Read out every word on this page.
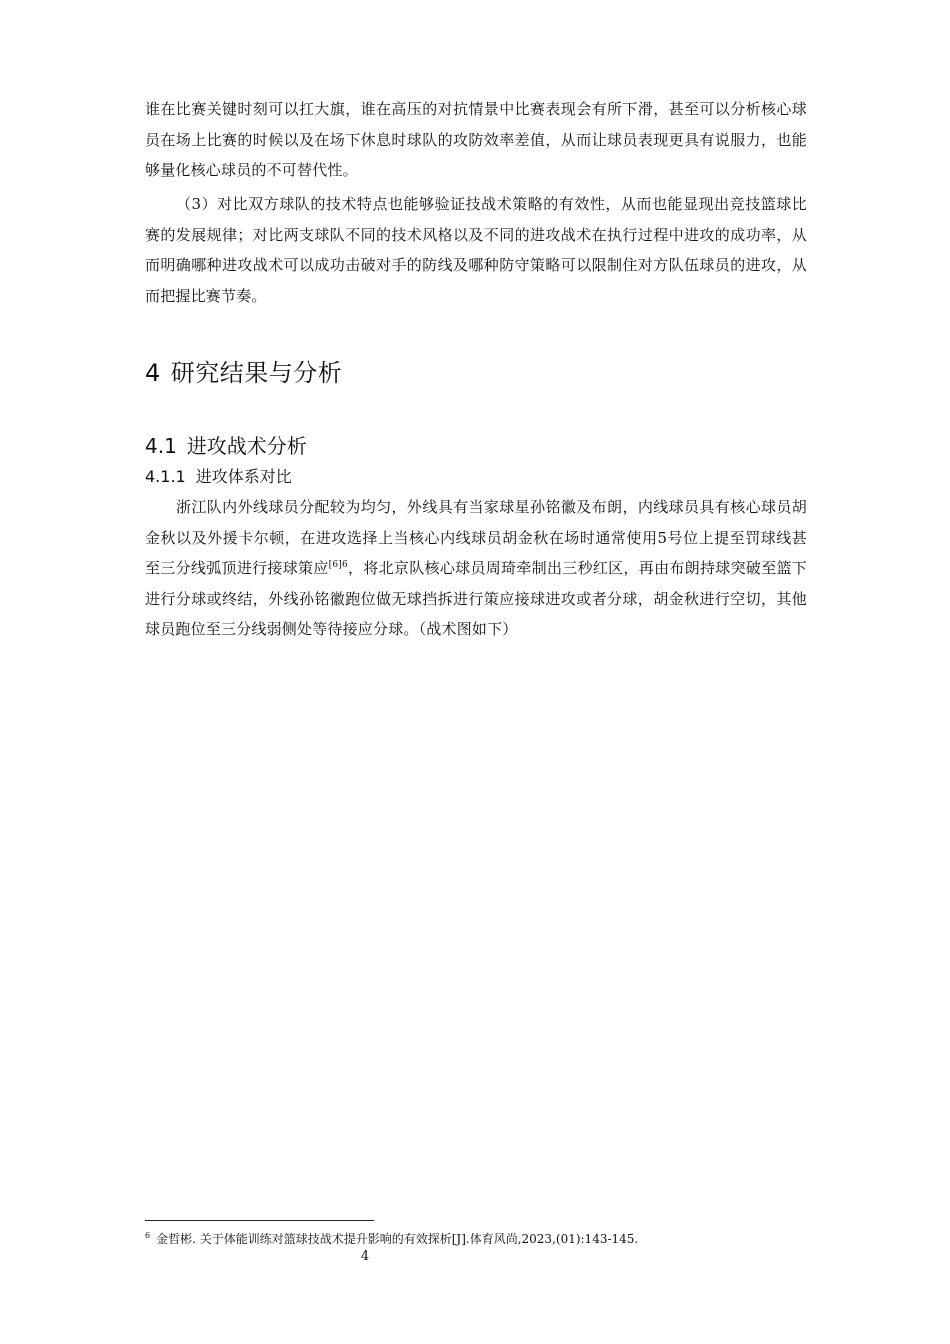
谁在比赛关键时刻可以扛大旗，谁在高压的对抗情景中比赛表现会有所下滑，甚至可以分析核心球员在场上比赛的时候以及在场下休息时球队的攻防效率差值，从而让球员表现更具有说服力，也能够量化核心球员的不可替代性。

（3）对比双方球队的技术特点也能够验证技战术策略的有效性，从而也能显现出竞技篮球比赛的发展规律；对比两支球队不同的技术风格以及不同的进攻战术在执行过程中进攻的成功率，从而明确哪种进攻战术可以成功击破对手的防线及哪种防守策略可以限制住对方队伍球员的进攻，从而把握比赛节奏。

4 研究结果与分析
4.1 进攻战术分析
4.1.1 进攻体系对比

浙江队内外线球员分配较为均匀，外线具有当家球星孙铭徽及布朗，内线球员具有核心球员胡金秋以及外援卡尔顿，在进攻选择上当核心内线球员胡金秋在场时通常使用5号位上提至罚球线甚至三分线弧顶进行接球策应$^{[6]6}$，将北京队核心球员周琦牵制出三秒红区，再由布朗持球突破至篮下进行分球或终结，外线孙铭徽跑位做无球挡拆进行策应接球进攻或者分球，胡金秋进行空切，其他球员跑位至三分线弱侧处等待接应分球。（战术图如下）

$^6$ 金哲彬. 关于体能训练对篮球技战术提升影响的有效探析[J].体育风尚,2023,(01):143-145.

4
